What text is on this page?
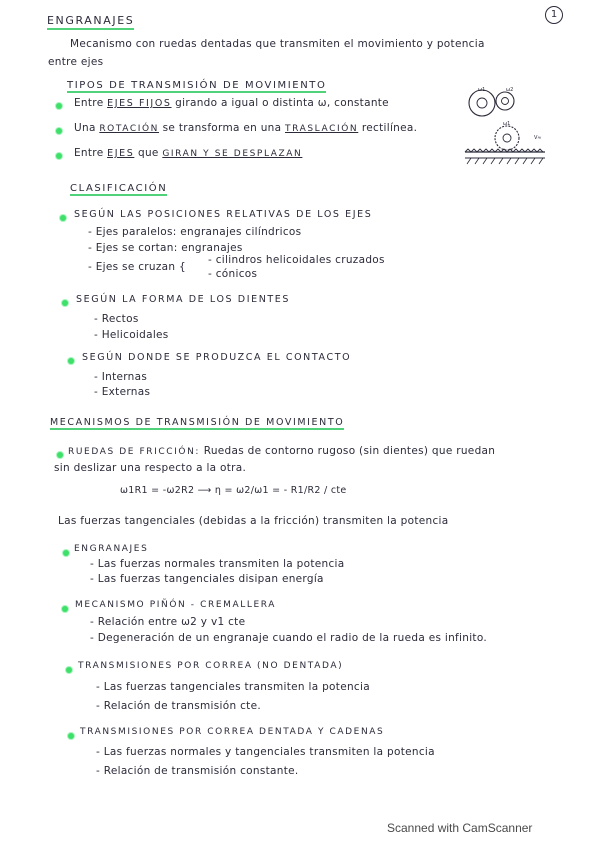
1
ENGRANAJES
Mecanismo con ruedas dentadas que transmiten el movimiento y potencia
entre ejes
TIPOS DE TRANSMISIÓN DE MOVIMIENTO
Entre EJES FIJOS girando a igual o distinta ω, constante
Una ROTACIÓN se transforma en una TRASLACIÓN rectilínea.
Entre EJES que GIRAN Y SE DESPLAZAN
ω1	ω2
ω1
V≈
CLASIFICACIÓN
SEGÚN LAS POSICIONES RELATIVAS DE LOS EJES
- Ejes paralelos: engranajes cilíndricos
- Ejes se cortan: engranajes
- Ejes se cruzan {
- cilindros helicoidales cruzados
- cónicos
SEGÚN LA FORMA DE LOS DIENTES
- Rectos
- Helicoidales
SEGÚN DONDE SE PRODUZCA EL CONTACTO
- Internas
- Externas
MECANISMOS DE TRANSMISIÓN DE MOVIMIENTO
RUEDAS DE FRICCIÓN: Ruedas de contorno rugoso (sin dientes) que ruedan
sin deslizar una respecto a la otra.
ω1R1 = -ω2R2 ⟶ η = ω2/ω1 = - R1/R2 / cte
Las fuerzas tangenciales (debidas a la fricción) transmiten la potencia
ENGRANAJES
- Las fuerzas normales transmiten la potencia
- Las fuerzas tangenciales disipan energía
MECANISMO PIÑÓN - CREMALLERA
- Relación entre ω2 y v1 cte
- Degeneración de un engranaje cuando el radio de la rueda es infinito.
TRANSMISIONES POR CORREA (NO DENTADA)
- Las fuerzas tangenciales transmiten la potencia
- Relación de transmisión cte.
TRANSMISIONES POR CORREA DENTADA Y CADENAS
- Las fuerzas normales y tangenciales transmiten la potencia
- Relación de transmisión constante.
Scanned with CamScanner
